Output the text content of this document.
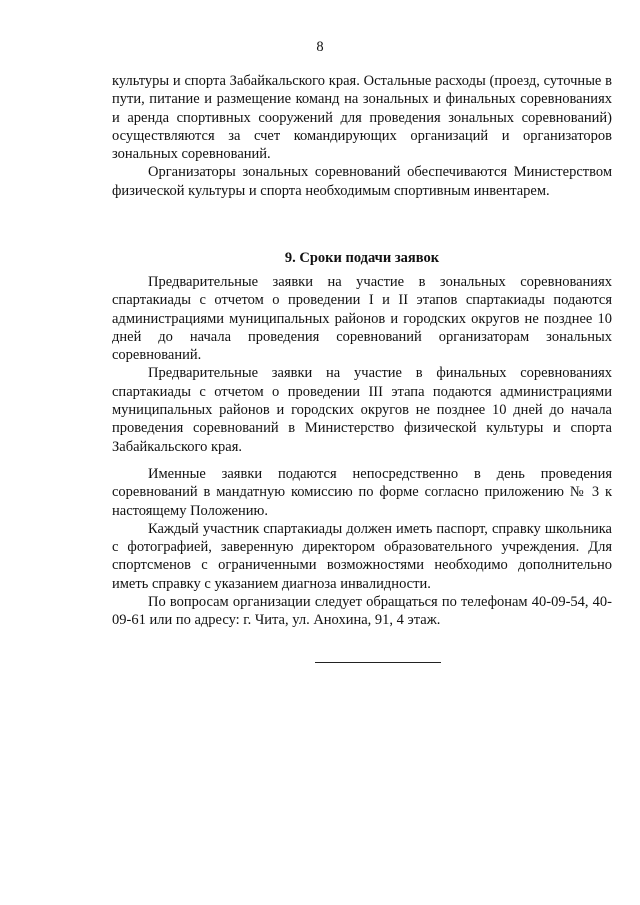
8

культуры и спорта Забайкальского края. Остальные расходы (проезд, суточные в пути, питание и размещение команд на зональных и финальных соревнованиях и аренда спортивных сооружений для проведения зональных соревнований) осуществляются за счет командирующих организаций и организаторов зональных соревнований.

Организаторы зональных соревнований обеспечиваются Министерством физической культуры и спорта необходимым спортивным инвентарем.

9. Сроки подачи заявок

Предварительные заявки на участие в зональных соревнованиях спартакиады с отчетом о проведении I и II этапов спартакиады подаются администрациями муниципальных районов и городских округов не позднее 10 дней до начала проведения соревнований организаторам зональных соревнований.

Предварительные заявки на участие в финальных соревнованиях спартакиады с отчетом о проведении III этапа подаются администрациями муниципальных районов и городских округов не позднее 10 дней до начала проведения соревнований в Министерство физической культуры и спорта Забайкальского края.

Именные заявки подаются непосредственно в день проведения соревнований в мандатную комиссию по форме согласно приложению № 3 к настоящему Положению.

Каждый участник спартакиады должен иметь паспорт, справку школьника с фотографией, заверенную директором образовательного учреждения. Для спортсменов с ограниченными возможностями необходимо дополнительно иметь справку с указанием диагноза инвалидности.

По вопросам организации следует обращаться по телефонам 40-09-54, 40-09-61 или по адресу: г. Чита, ул. Анохина, 91, 4 этаж.
